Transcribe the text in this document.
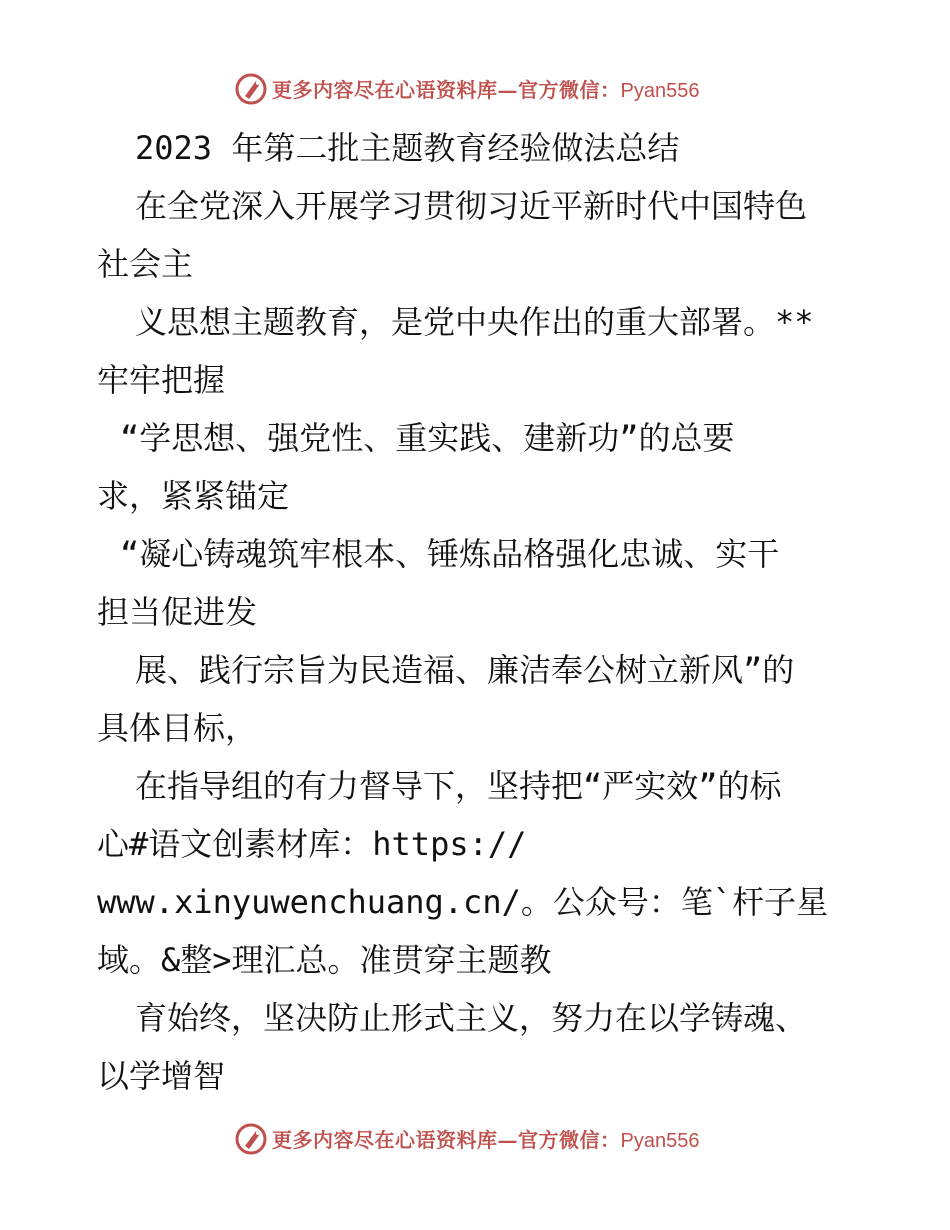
更多内容尽在心语资料库—官方微信：Pyan556
2023 年第二批主题教育经验做法总结
在全党深入开展学习贯彻习近平新时代中国特色
社会主
义思想主题教育，是党中央作出的重大部署。**
牢牢把握
“学思想、强党性、重实践、建新功”的总要
求，紧紧锚定
“凝心铸魂筑牢根本、锤炼品格强化忠诚、实干
担当促进发
展、践行宗旨为民造福、廉洁奉公树立新风”的
具体目标，
在指导组的有力督导下，坚持把“严实效”的标
心#语文创素材库：https://
www.xinyuwenchuang.cn/。公众号：笔`杆子星
域。&整>理汇总。准贯穿主题教
育始终，坚决防止形式主义，努力在以学铸魂、
以学增智
更多内容尽在心语资料库—官方微信：Pyan556
